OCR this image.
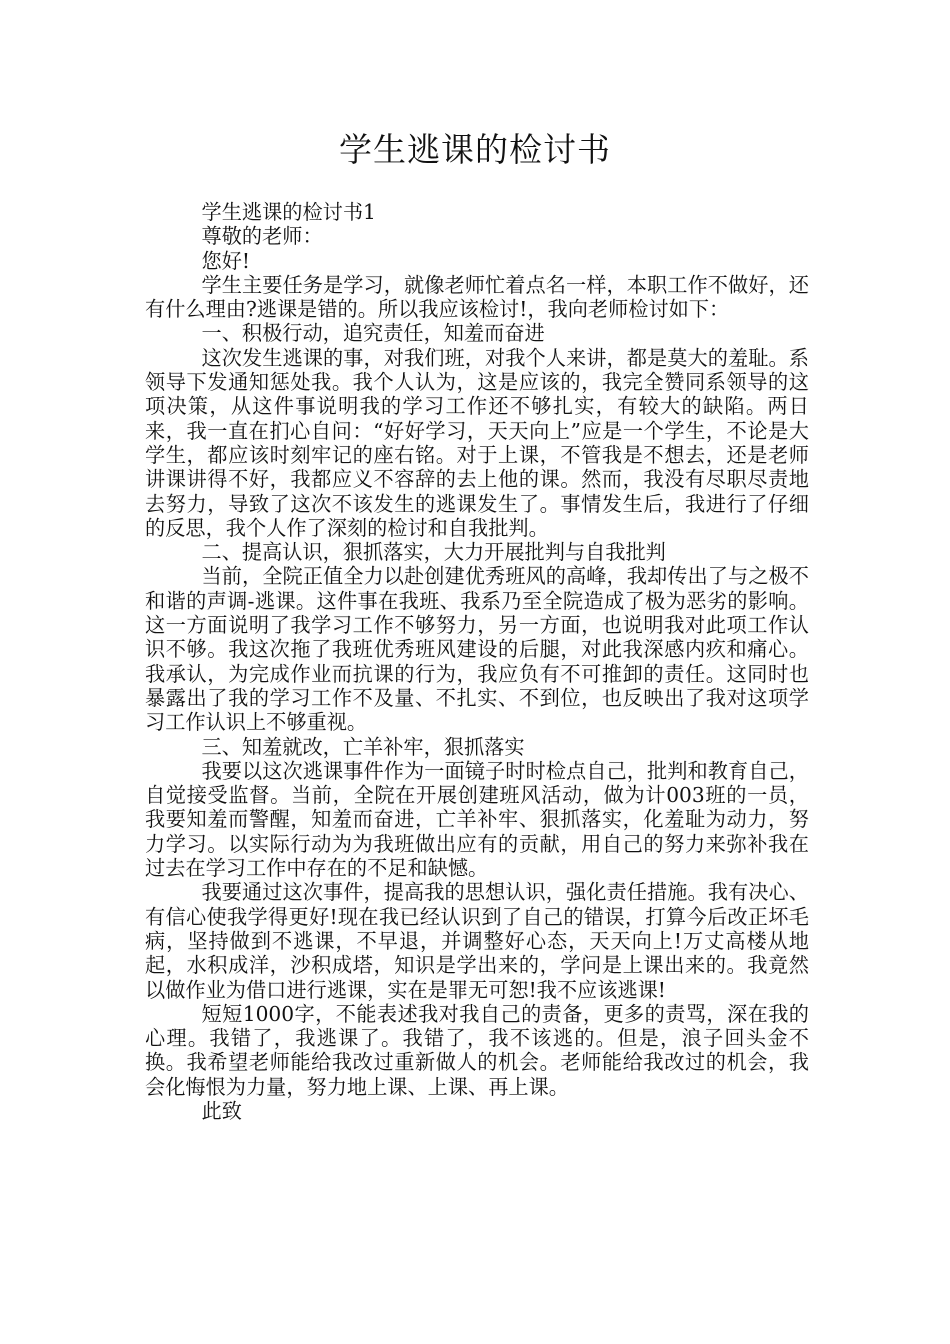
学生逃课的检讨书

学生逃课的检讨书1

尊敬的老师：

您好!

学生主要任务是学习，就像老师忙着点名一样，本职工作不做好，还有什么理由?逃课是错的。所以我应该检讨!，我向老师检讨如下：

一、积极行动，追究责任，知羞而奋进

这次发生逃课的事，对我们班，对我个人来讲，都是莫大的羞耻。系领导下发通知惩处我。我个人认为，这是应该的，我完全赞同系领导的这项决策，从这件事说明我的学习工作还不够扎实，有较大的缺陷。两日来，我一直在扪心自问：“好好学习，天天向上”应是一个学生，不论是大学生，都应该时刻牢记的座右铭。对于上课，不管我是不想去，还是老师讲课讲得不好，我都应义不容辞的去上他的课。然而，我没有尽职尽责地去努力，导致了这次不该发生的逃课发生了。事情发生后，我进行了仔细的反思，我个人作了深刻的检讨和自我批判。

二、提高认识，狠抓落实，大力开展批判与自我批判

当前，全院正值全力以赴创建优秀班风的高峰，我却传出了与之极不和谐的声调-逃课。这件事在我班、我系乃至全院造成了极为恶劣的影响。这一方面说明了我学习工作不够努力，另一方面，也说明我对此项工作认识不够。我这次拖了我班优秀班风建设的后腿，对此我深感内疚和痛心。我承认，为完成作业而抗课的行为，我应负有不可推卸的责任。这同时也暴露出了我的学习工作不及量、不扎实、不到位，也反映出了我对这项学习工作认识上不够重视。

三、知羞就改，亡羊补牢，狠抓落实

我要以这次逃课事件作为一面镜子时时检点自己，批判和教育自己，自觉接受监督。当前，全院在开展创建班风活动，做为计003班的一员，我要知羞而警醒，知羞而奋进，亡羊补牢、狠抓落实，化羞耻为动力，努力学习。以实际行动为为我班做出应有的贡献，用自己的努力来弥补我在过去在学习工作中存在的不足和缺憾。

我要通过这次事件，提高我的思想认识，强化责任措施。我有决心、有信心使我学得更好!现在我已经认识到了自己的错误，打算今后改正坏毛病，坚持做到不逃课，不早退，并调整好心态，天天向上!万丈高楼从地起，水积成洋，沙积成塔，知识是学出来的，学问是上课出来的。我竟然以做作业为借口进行逃课，实在是罪无可恕!我不应该逃课!

短短1000字，不能表述我对我自己的责备，更多的责骂，深在我的心理。我错了，我逃课了。我错了，我不该逃的。但是，浪子回头金不换。我希望老师能给我改过重新做人的机会。老师能给我改过的机会，我会化悔恨为力量，努力地上课、上课、再上课。

此致
